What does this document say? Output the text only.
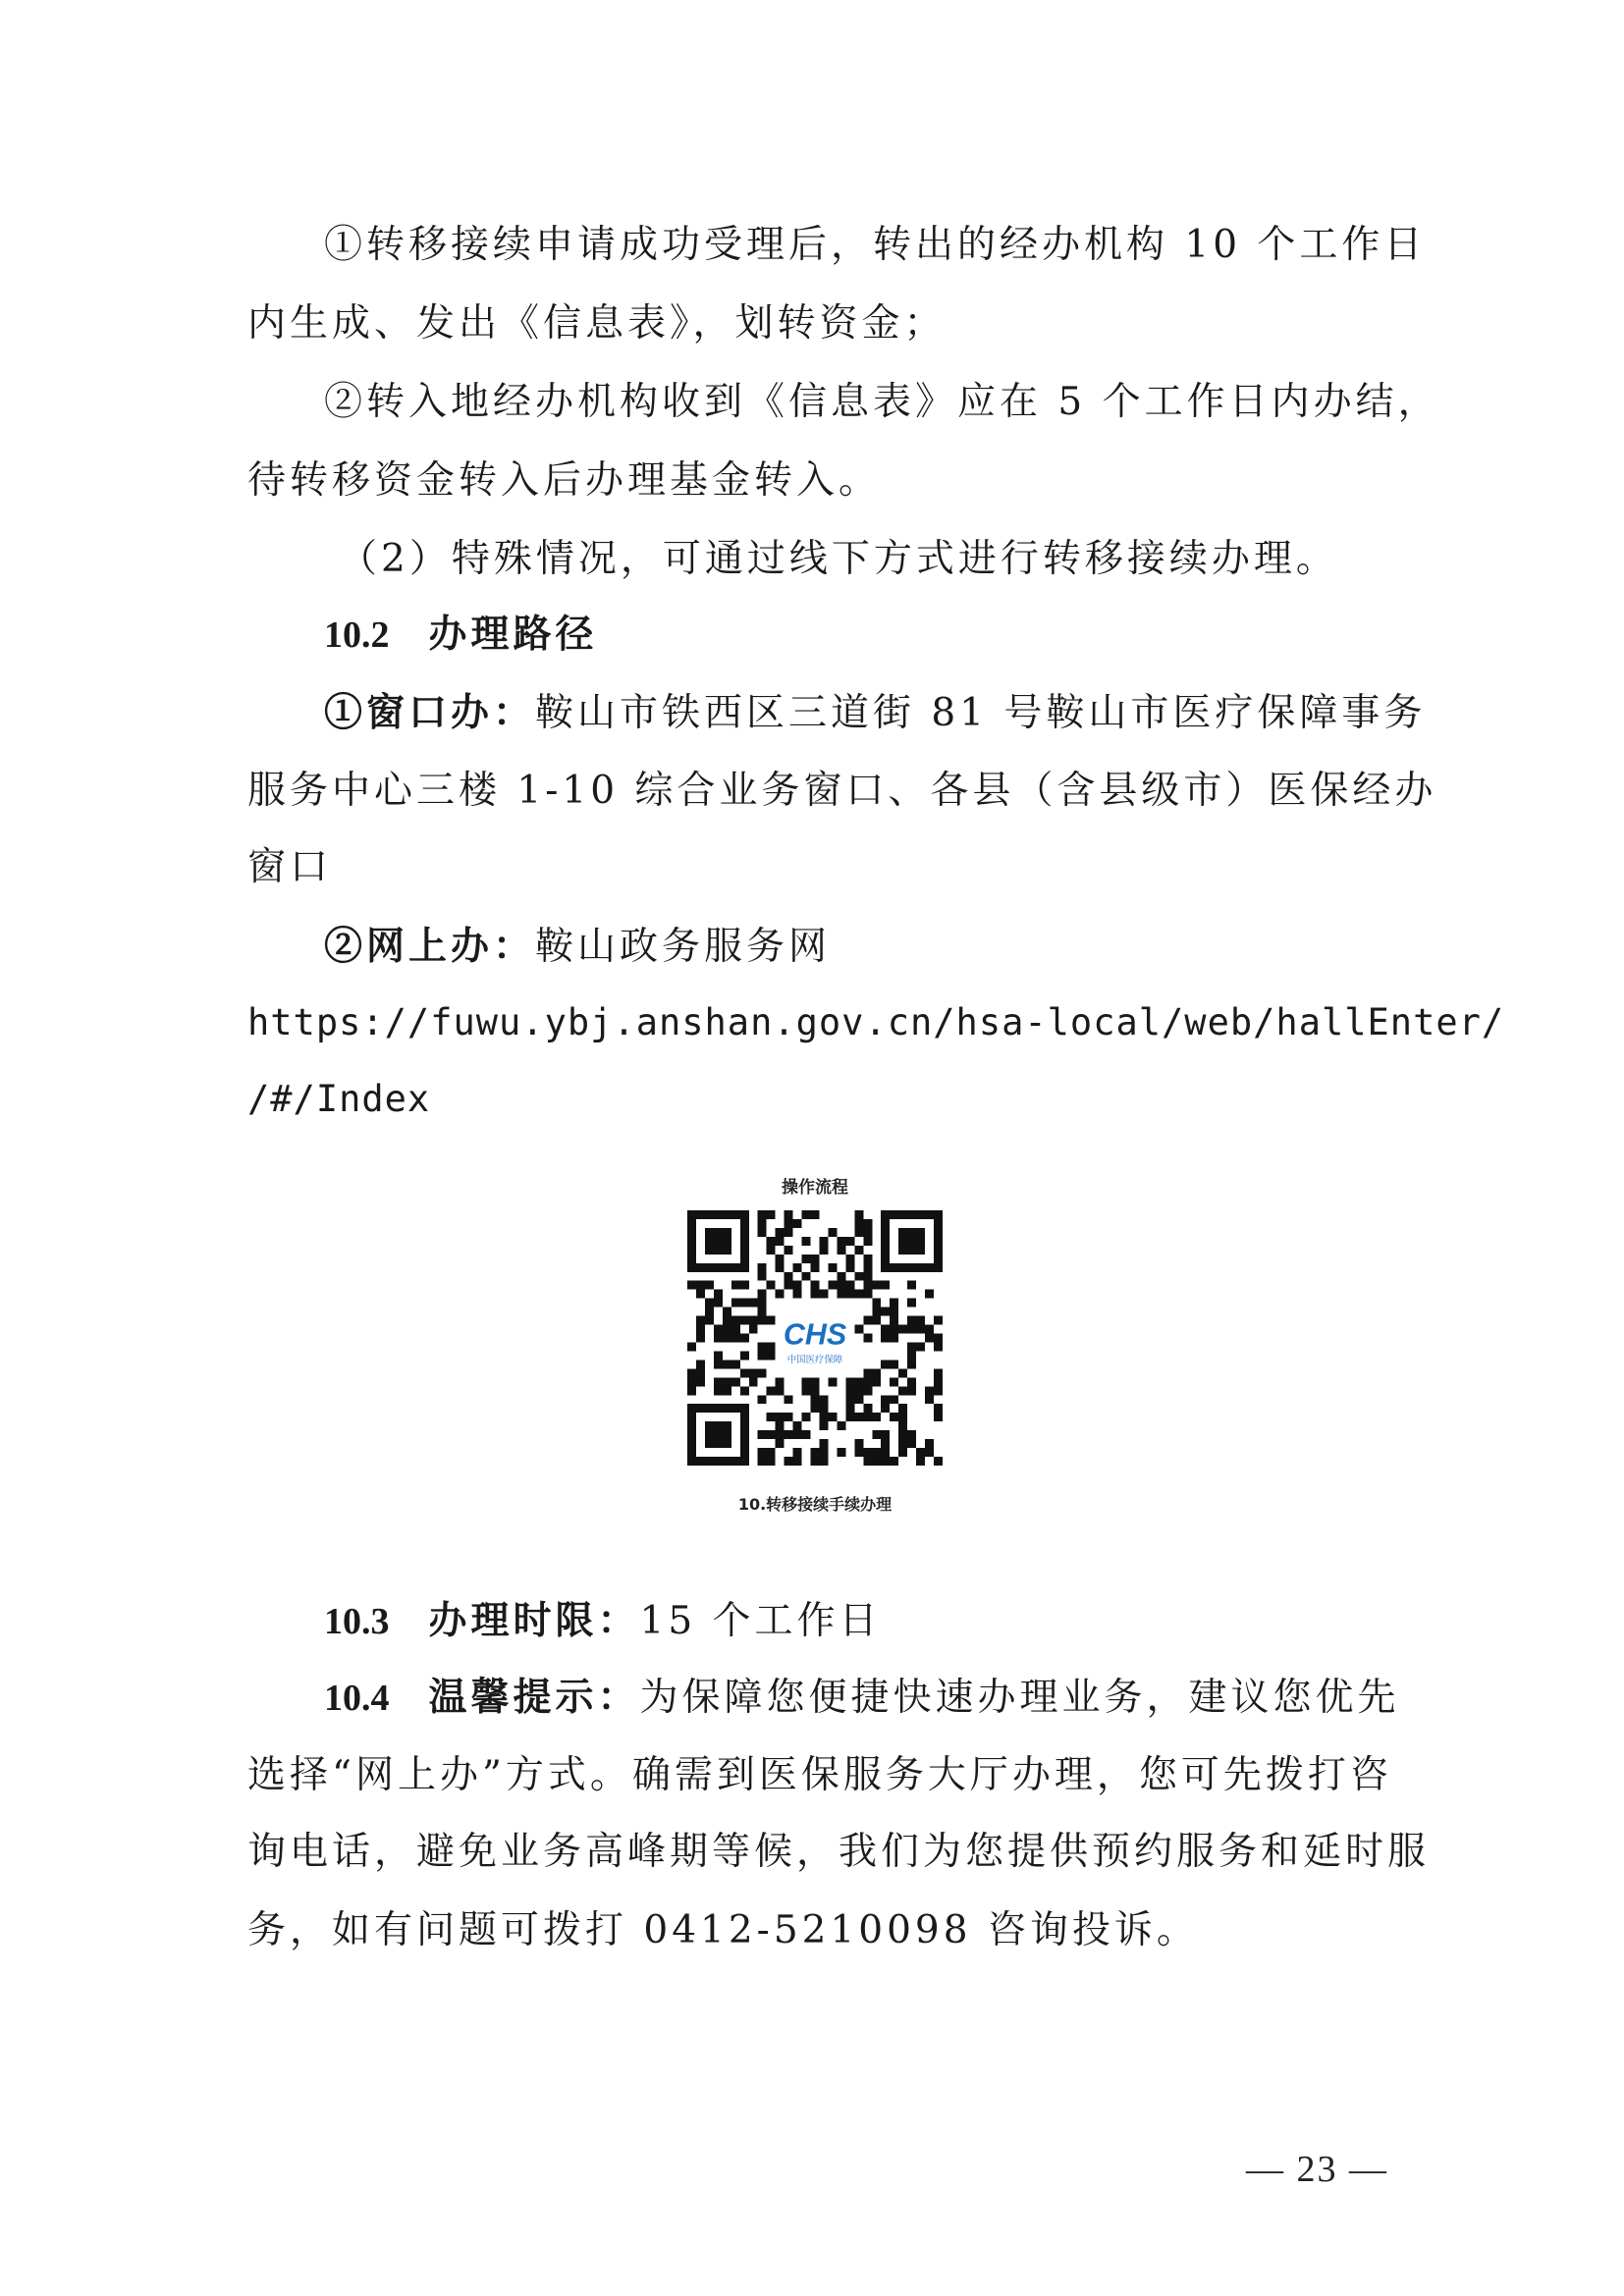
①转移接续申请成功受理后，转出的经办机构 10 个工作日
内生成、发出《信息表》，划转资金；
②转入地经办机构收到《信息表》应在 5 个工作日内办结，
待转移资金转入后办理基金转入。
（2）特殊情况，可通过线下方式进行转移接续办理。
10.2 办理路径
①窗口办：鞍山市铁西区三道街 81 号鞍山市医疗保障事务
服务中心三楼 1-10 综合业务窗口、各县（含县级市）医保经办
窗口
②网上办：鞍山政务服务网
https://fuwu.ybj.anshan.gov.cn/hsa-local/web/hallEnter/
/#/Index
操作流程
CHS
中国医疗保障
10.转移接续手续办理
10.3 办理时限：15 个工作日
10.4 温馨提示：为保障您便捷快速办理业务，建议您优先
选择“网上办”方式。确需到医保服务大厅办理，您可先拨打咨
询电话，避免业务高峰期等候，我们为您提供预约服务和延时服
务，如有问题可拨打 0412-5210098 咨询投诉。
— 23 —
